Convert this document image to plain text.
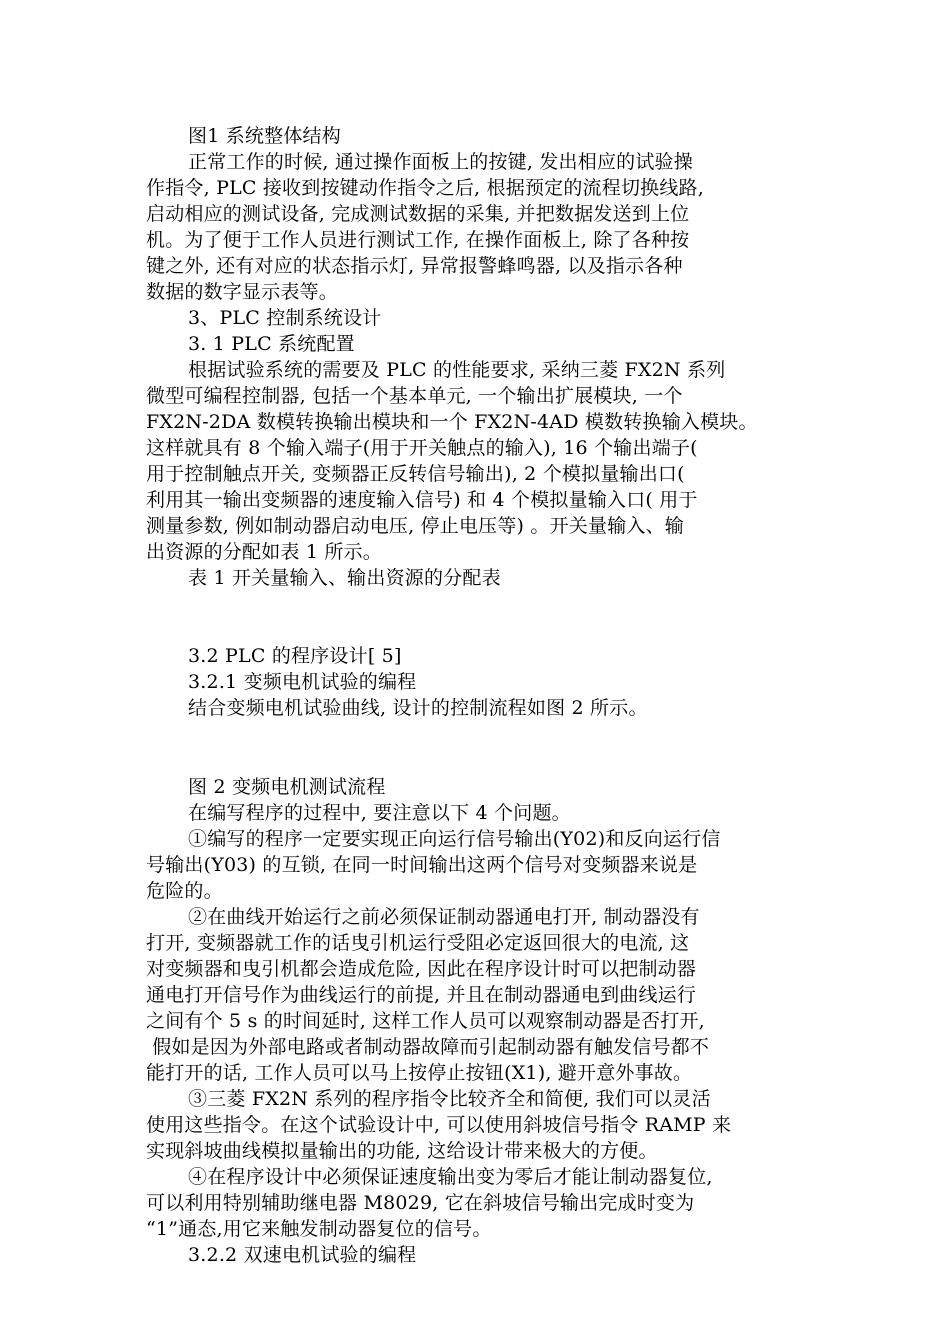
图1 系统整体结构
正常工作的时候, 通过操作面板上的按键, 发出相应的试验操
作指令, PLC 接收到按键动作指令之后, 根据预定的流程切换线路,
启动相应的测试设备, 完成测试数据的采集, 并把数据发送到上位
机。为了便于工作人员进行测试工作, 在操作面板上, 除了各种按
键之外, 还有对应的状态指示灯, 异常报警蜂鸣器, 以及指示各种
数据的数字显示表等。
3、PLC 控制系统设计
3. 1 PLC 系统配置
根据试验系统的需要及 PLC 的性能要求, 采纳三菱 FX2N 系列
微型可编程控制器, 包括一个基本单元, 一个输出扩展模块, 一个
FX2N-2DA 数模转换输出模块和一个 FX2N-4AD 模数转换输入模块。
这样就具有 8 个输入端子(用于开关触点的输入), 16 个输出端子(
用于控制触点开关, 变频器正反转信号输出), 2 个模拟量输出口(
利用其一输出变频器的速度输入信号) 和 4 个模拟量输入口( 用于
测量参数, 例如制动器启动电压, 停止电压等) 。开关量输入、输
出资源的分配如表 1 所示。
表 1 开关量输入、输出资源的分配表
3.2 PLC 的程序设计[ 5]
3.2.1 变频电机试验的编程
结合变频电机试验曲线, 设计的控制流程如图 2 所示。
图 2 变频电机测试流程
在编写程序的过程中, 要注意以下 4 个问题。
①编写的程序一定要实现正向运行信号输出(Y02)和反向运行信
号输出(Y03) 的互锁, 在同一时间输出这两个信号对变频器来说是
危险的。
②在曲线开始运行之前必须保证制动器通电打开, 制动器没有
打开, 变频器就工作的话曳引机运行受阻必定返回很大的电流, 这
对变频器和曳引机都会造成危险, 因此在程序设计时可以把制动器
通电打开信号作为曲线运行的前提, 并且在制动器通电到曲线运行
之间有个 5 s 的时间延时, 这样工作人员可以观察制动器是否打开,
假如是因为外部电路或者制动器故障而引起制动器有触发信号都不
能打开的话, 工作人员可以马上按停止按钮(X1), 避开意外事故。
③三菱 FX2N 系列的程序指令比较齐全和简便, 我们可以灵活
使用这些指令。在这个试验设计中, 可以使用斜坡信号指令 RAMP 来
实现斜坡曲线模拟量输出的功能, 这给设计带来极大的方便。
④在程序设计中必须保证速度输出变为零后才能让制动器复位,
可以利用特别辅助继电器 M8029, 它在斜坡信号输出完成时变为
“1”通态,用它来触发制动器复位的信号。
3.2.2 双速电机试验的编程
